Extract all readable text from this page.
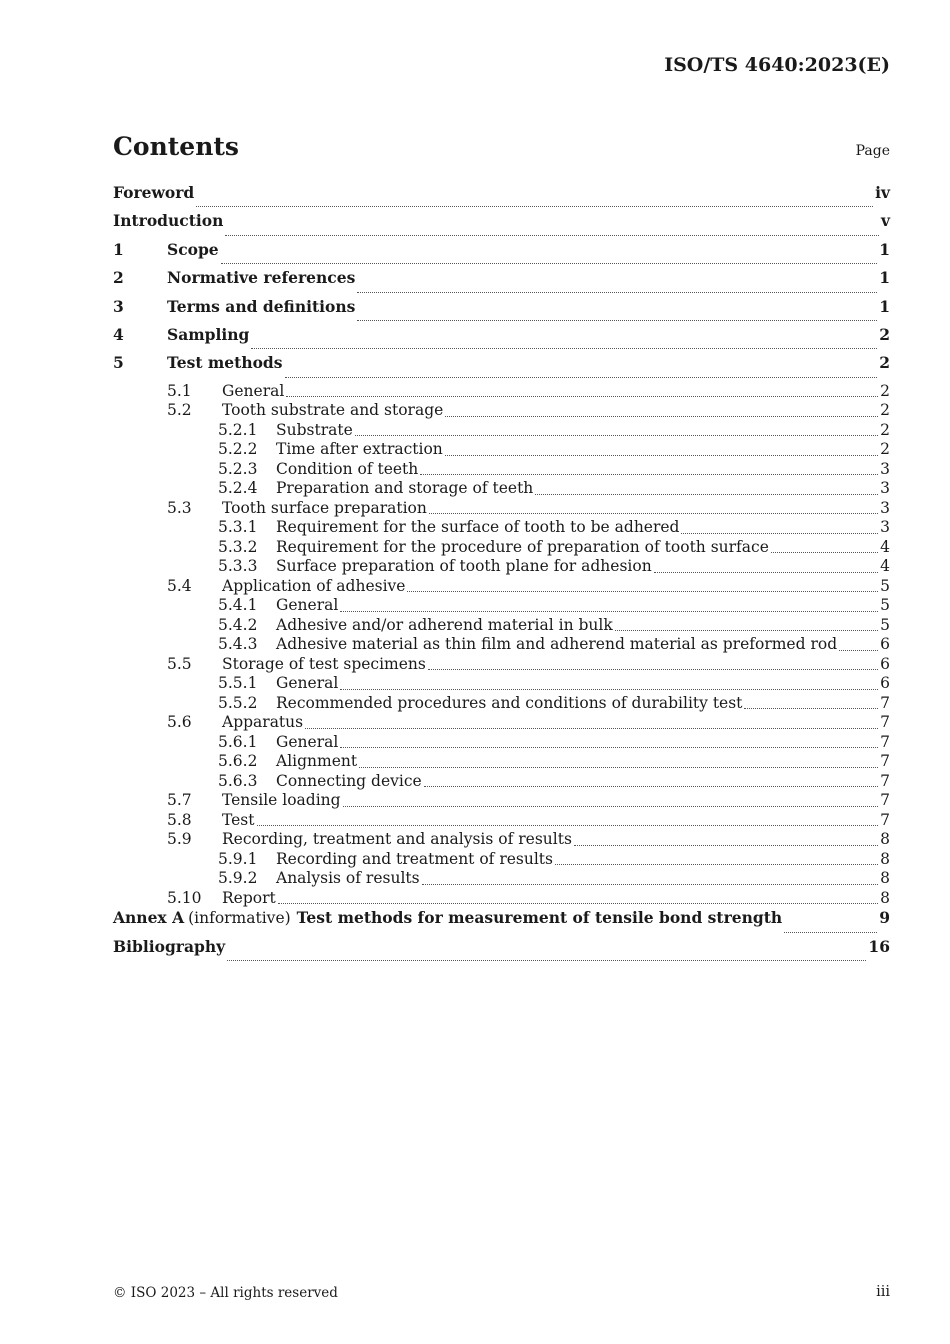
ISO/TS 4640:2023(E)
Contents	Page
Foreword	iv
Introduction	v
1	Scope	1
2	Normative references	1
3	Terms and definitions	1
4	Sampling	2
5	Test methods	2
5.1	General	2
5.2	Tooth substrate and storage	2
5.2.1	Substrate	2
5.2.2	Time after extraction	2
5.2.3	Condition of teeth	3
5.2.4	Preparation and storage of teeth	3
5.3	Tooth surface preparation	3
5.3.1	Requirement for the surface of tooth to be adhered	3
5.3.2	Requirement for the procedure of preparation of tooth surface	4
5.3.3	Surface preparation of tooth plane for adhesion	4
5.4	Application of adhesive	5
5.4.1	General	5
5.4.2	Adhesive and/or adherend material in bulk	5
5.4.3	Adhesive material as thin film and adherend material as preformed rod	6
5.5	Storage of test specimens	6
5.5.1	General	6
5.5.2	Recommended procedures and conditions of durability test	7
5.6	Apparatus	7
5.6.1	General	7
5.6.2	Alignment	7
5.6.3	Connecting device	7
5.7	Tensile loading	7
5.8	Test	7
5.9	Recording, treatment and analysis of results	8
5.9.1	Recording and treatment of results	8
5.9.2	Analysis of results	8
5.10	Report	8
Annex A (informative) Test methods for measurement of tensile bond strength	9
Bibliography	16
© ISO 2023 – All rights reserved	iii
